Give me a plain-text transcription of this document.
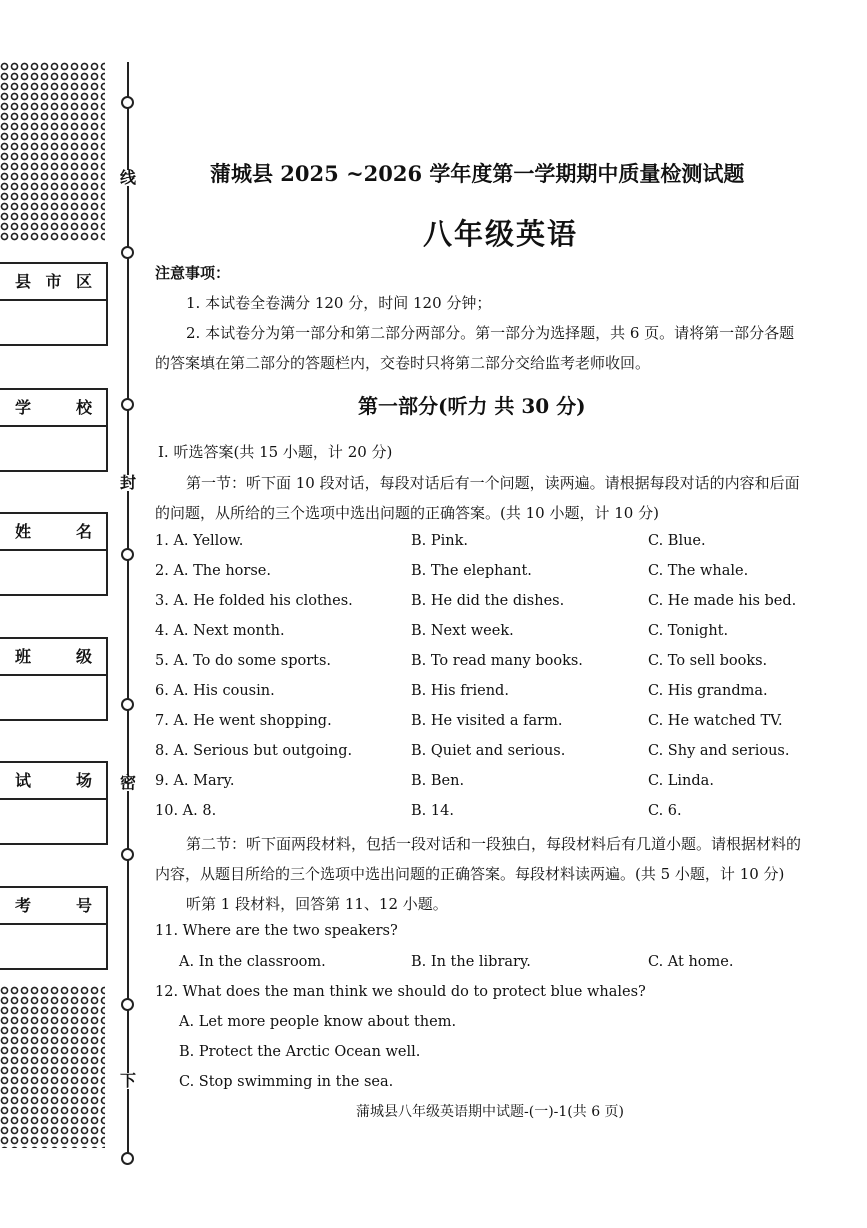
线
封
密
下
县 市 区
学	校
姓	名
班	级
试	场
考	号
蒲城县 2025 ~2026 学年度第一学期期中质量检测试题
八年级英语
注意事项：
1. 本试卷全卷满分 120 分，时间 120 分钟；
2. 本试卷分为第一部分和第二部分两部分。第一部分为选择题，共 6 页。请将第一部分各题
的答案填在第二部分的答题栏内，交卷时只将第二部分交给监考老师收回。
第一部分(听力 共 30 分)
Ⅰ. 听选答案(共 15 小题，计 20 分)
第一节：听下面 10 段对话，每段对话后有一个问题，读两遍。请根据每段对话的内容和后面
的问题，从所给的三个选项中选出问题的正确答案。(共 10 小题，计 10 分)
1. A. Yellow.	B. Pink.	C. Blue.
2. A. The horse.	B. The elephant.	C. The whale.
3. A. He folded his clothes.	B. He did the dishes.	C. He made his bed.
4. A. Next month.	B. Next week.	C. Tonight.
5. A. To do some sports.	B. To read many books.	C. To sell books.
6. A. His cousin.	B. His friend.	C. His grandma.
7. A. He went shopping.	B. He visited a farm.	C. He watched TV.
8. A. Serious but outgoing.	B. Quiet and serious.	C. Shy and serious.
9. A. Mary.	B. Ben.	C. Linda.
10. A. 8.	B. 14.	C. 6.
第二节：听下面两段材料，包括一段对话和一段独白，每段材料后有几道小题。请根据材料的
内容，从题目所给的三个选项中选出问题的正确答案。每段材料读两遍。(共 5 小题，计 10 分)
听第 1 段材料，回答第 11、12 小题。
11. Where are the two speakers?
A. In the classroom.	B. In the library.	C. At home.
12. What does the man think we should do to protect blue whales?
A. Let more people know about them.
B. Protect the Arctic Ocean well.
C. Stop swimming in the sea.
蒲城县八年级英语期中试题-(一)-1(共 6 页)
